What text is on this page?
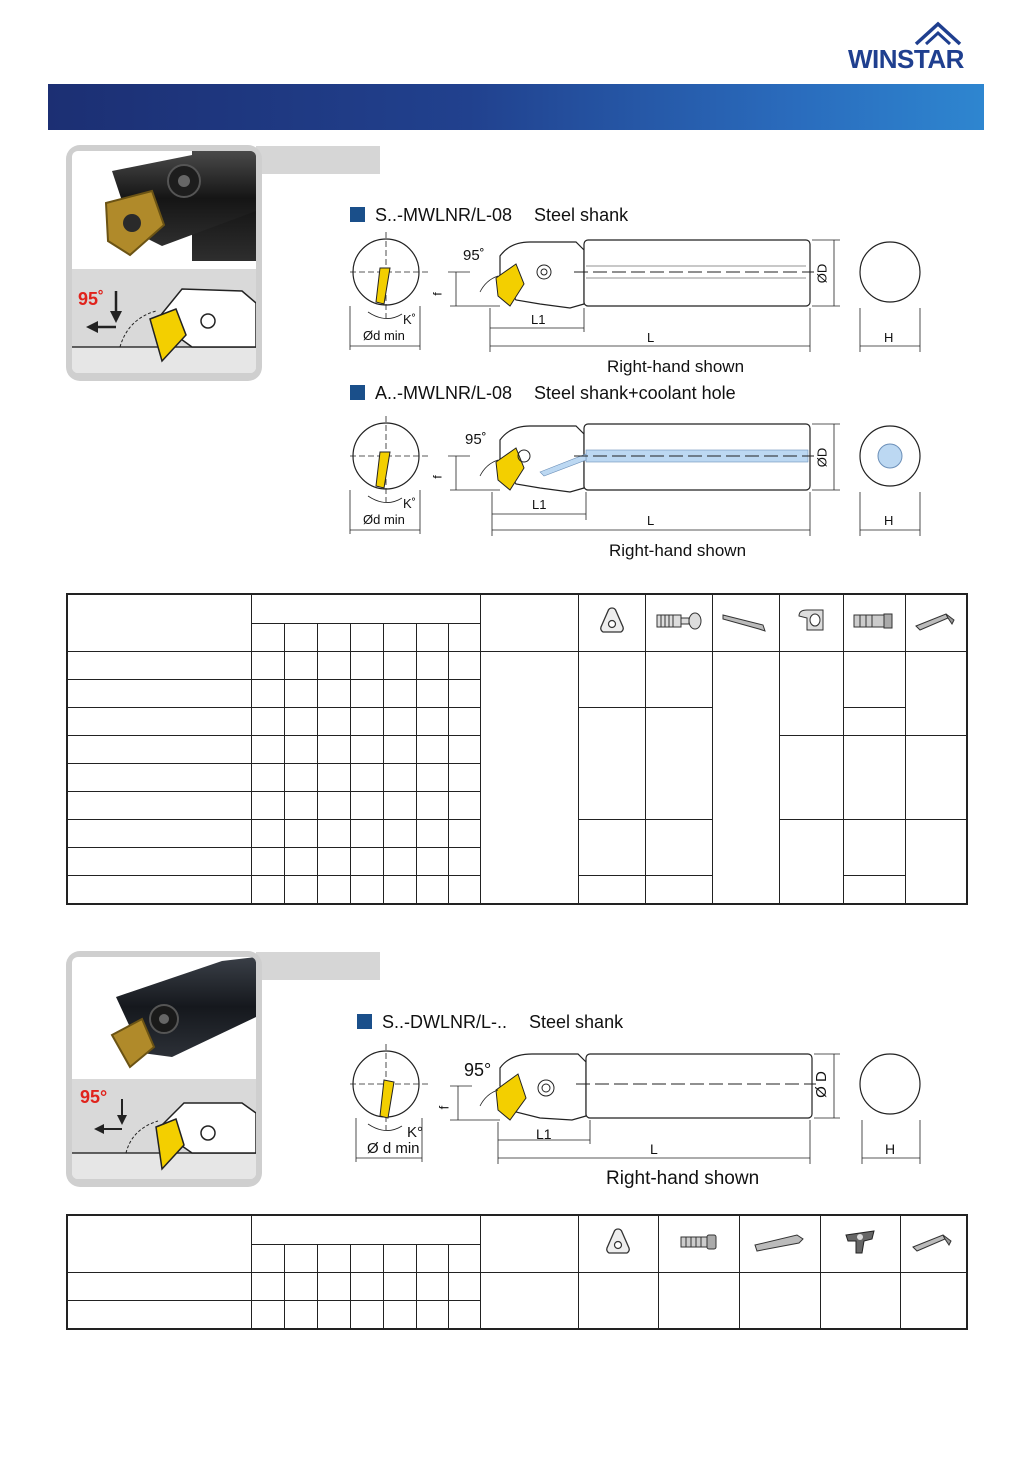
WINSTAR
95˚
S..-MWLNR/L-08 Steel shank
95˚
f
K˚
Ød min
L1
L
ØD
H
Right-hand shown
A..-MWLNR/L-08 Steel shank+coolant hole
95˚
f
K˚
Ød min
L1
L
ØD
H
Right-hand shown

95°
S..-DWLNR/L-.. Steel shank
95°
f
K°
Ø d min
L1
L
Ø D
H
Right-hand shown
